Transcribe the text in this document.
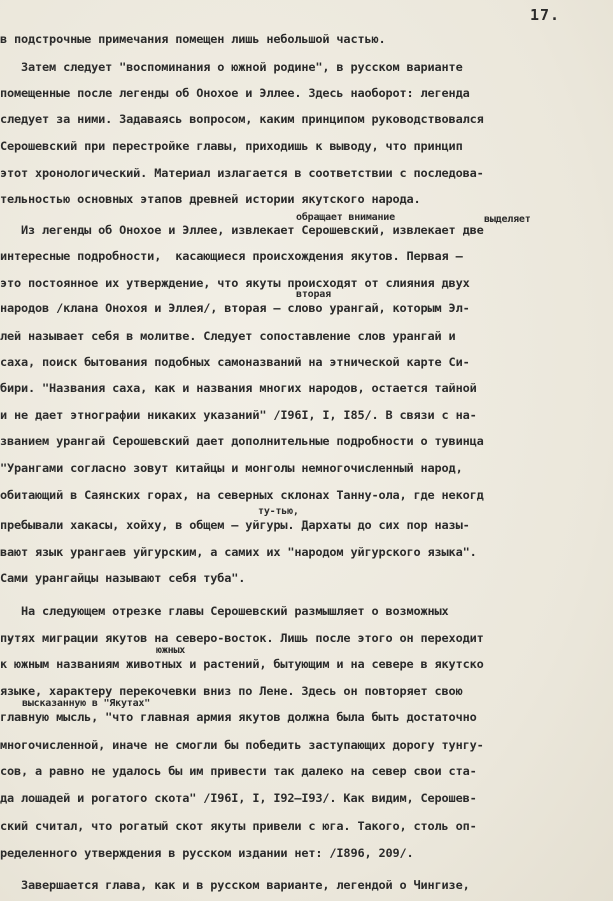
17.
в подстрочные примечания помещен лишь небольшой частью.
Затем следует "воспоминания о южной родине", в русском варианте
помещенные после легенды об Онохое и Эллее. Здесь наоборот: легенда
следует за ними. Задаваясь вопросом, каким принципом руководствовался
Серошевский при перестройке главы, приходишь к выводу, что принцип
этот хронологический. Материал излагается в соответствии с последова-
тельностью основных этапов древней истории якутского народа.
обращает внимание	выделяет
Из легенды об Онохое и Эллее, извлекает Серошевский, извлекает две
интересные подробности,  касающиеся происхождения якутов. Первая —
это постоянное их утверждение, что якуты происходят от слияния двух
вторая
народов /клана Онохоя и Эллея/, вторая — слово урангай, которым Эл-
лей называет себя в молитве. Следует сопоставление слов урангай и
саха, поиск бытования подобных самоназваний на этнической карте Си-
бири. "Названия саха, как и названия многих народов, остается тайной
и не дает этнографии никаких указаний" /I96I, I, I85/. В связи с на-
званием урангай Серошевский дает дополнительные подробности о тувинца
"Урангами согласно зовут китайцы и монголы немногочисленный народ,
обитающий в Саянских горах, на северных склонах Танну-ола, где некогд
ту-тью,
пребывали хакасы, хойху, в общем — уйгуры. Дархаты до сих пор назы-
вают язык урангаев уйгурским, а самих их "народом уйгурского языка".
Сами урангайцы называют себя туба".
На следующем отрезке главы Серошевский размышляет о возможных
путях миграции якутов на северо-восток. Лишь после этого он переходит
южных
к южным названиям животных и растений, бытующим и на севере в якутско
языке, характеру перекочевки вниз по Лене. Здесь он повторяет свою
высказанную в "Якутах"
главную мысль, "что главная армия якутов должна была быть достаточно
многочисленной, иначе не смогли бы победить заступающих дорогу тунгу-
сов, а равно не удалось бы им привести так далеко на север свои ста-
да лошадей и рогатого скота" /I96I, I, I92—I93/. Как видим, Серошев-
ский считал, что рогатый скот якуты привели с юга. Такого, столь оп-
ределенного утверждения в русском издании нет: /I896, 209/.
Завершается глава, как и в русском варианте, легендой о Чингизе,
